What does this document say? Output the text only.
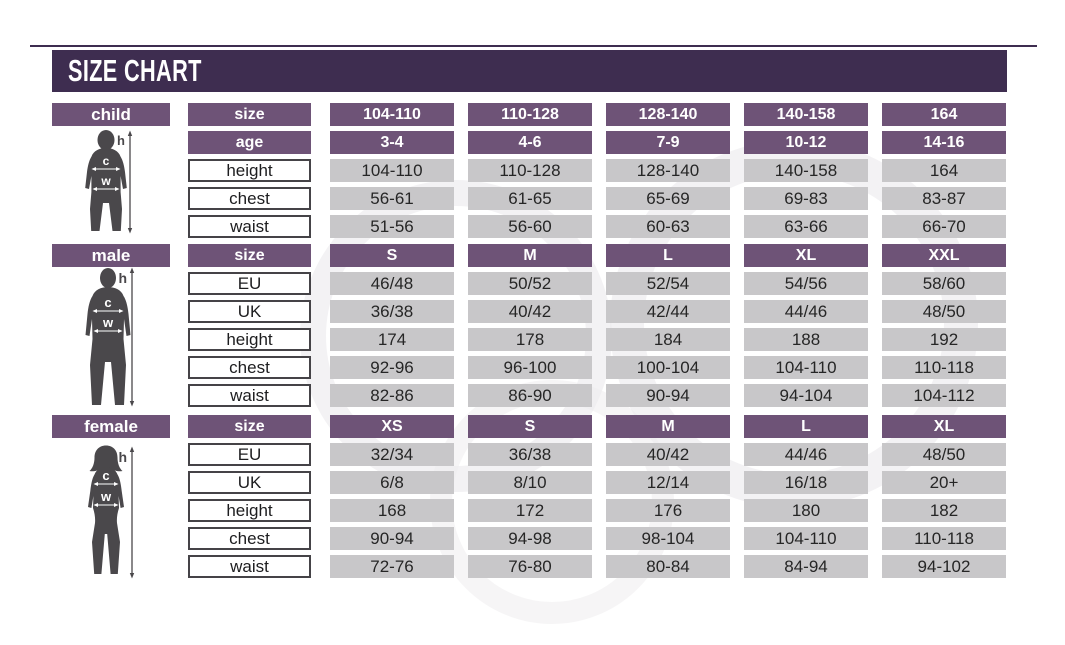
SIZE CHART
child
male
female
h
c
w
h
c
w
h
c
w
size	104-110	110-128	128-140	140-158	164
age	3-4	4-6	7-9	10-12	14-16
height	104-110	110-128	128-140	140-158	164
chest	56-61	61-65	65-69	69-83	83-87
waist	51-56	56-60	60-63	63-66	66-70
size	S	M	L	XL	XXL
EU	46/48	50/52	52/54	54/56	58/60
UK	36/38	40/42	42/44	44/46	48/50
height	174	178	184	188	192
chest	92-96	96-100	100-104	104-110	110-118
waist	82-86	86-90	90-94	94-104	104-112
size	XS	S	M	L	XL
EU	32/34	36/38	40/42	44/46	48/50
UK	6/8	8/10	12/14	16/18	20+
height	168	172	176	180	182
chest	90-94	94-98	98-104	104-110	110-118
waist	72-76	76-80	80-84	84-94	94-102
